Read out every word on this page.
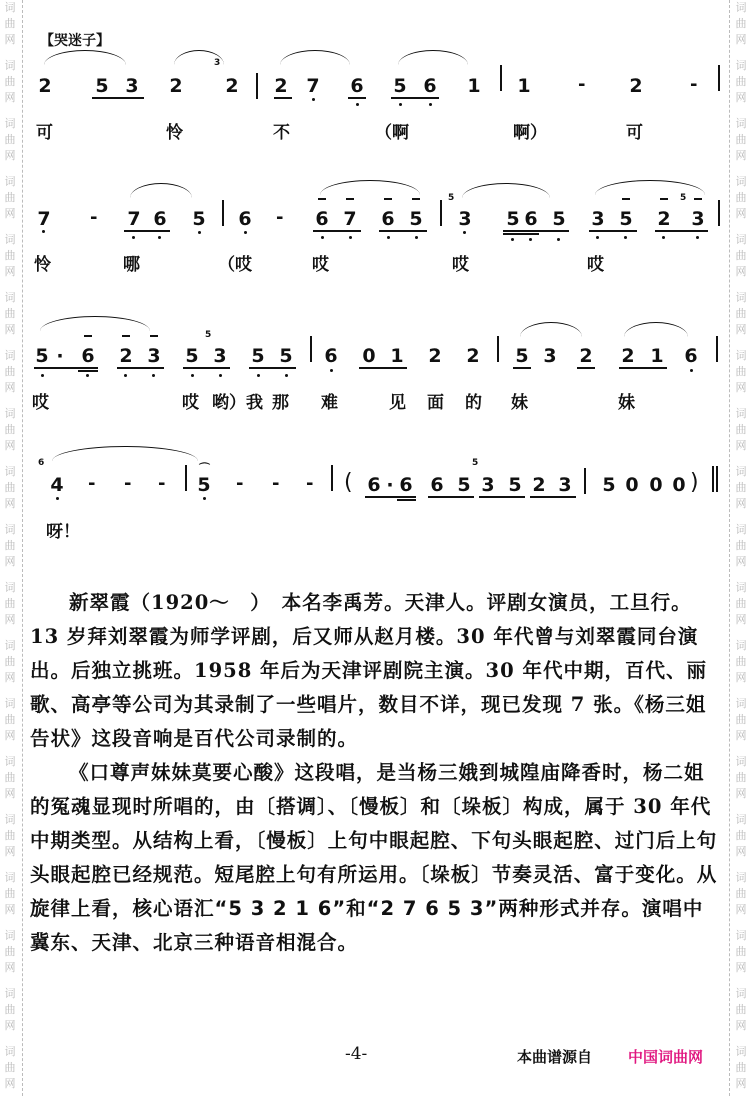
词
曲
网
词
曲
网
词
曲
网
词
曲
网
词
曲
网
词
曲
网
词
曲
网
词
曲
网
词
曲
网
词
曲
网
词
曲
网
词
曲
网
词
曲
网
词
曲
网
词
曲
网
词
曲
网
词
曲
网
词
曲
网
词
曲
网
词
曲
网
词
曲
网
词
曲
网
词
曲
网
词
曲
网
词
曲
网
词
曲
网
词
曲
网
词
曲
网
词
曲
网
词
曲
网
词
曲
网
词
曲
网
词
曲
网
词
曲
网
词
曲
网
词
曲
网
词
曲
网
词
曲
网
【哭迷子】
2 5 3 2
3
2 2 7 6 5 6 1 1	- 2	-
可	怜	不	（啊	啊）	可
7 - 7 6 5 6 - 6 7 6 5
5
3 5 6 5 3 5 2
5
3
怜	哪	（哎	哎	哎	哎
5 · 6 2 3 5
5
3 5 5 6 0 1 2 2 5 3 2 2 1 6
哎	哎 哟）我 那 难	见 面 的 妹	妹
6
4 - - -
⌒
5 - - - ( 6 · 6 6 5
5
3 5 2 3 5 0 0 0 )
呀！

新翠霞（1920～　）　 本名李禹芳。天津人。评剧女演员，工旦行。13 岁拜刘翠霞为师学评剧，后又师从赵月楼。30 年代曾与刘翠霞同台演出。后独立挑班。1958 年后为天津评剧院主演。30 年代中期，百代、丽歌、高亭等公司为其录制了一些唱片，数目不详，现已发现 7 张。《杨三姐告状》这段音响是百代公司录制的。

《口尊声妹妹莫要心酸》这段唱，是当杨三娥到城隍庙降香时，杨二姐的冤魂显现时所唱的，由〔搭调〕、〔慢板〕和〔垛板〕构成，属于 30 年代中期类型。从结构上看，〔慢板〕上句中眼起腔、下句头眼起腔、过门后上句头眼起腔已经规范。短尾腔上句有所运用。〔垛板〕节奏灵活、富于变化。从旋律上看，核心语汇“5 3 2 1 6”和“2 7 6 5 3”两种形式并存。演唱中冀东、天津、北京三种语音相混合。

-4-	本曲谱源自 中国词曲网
